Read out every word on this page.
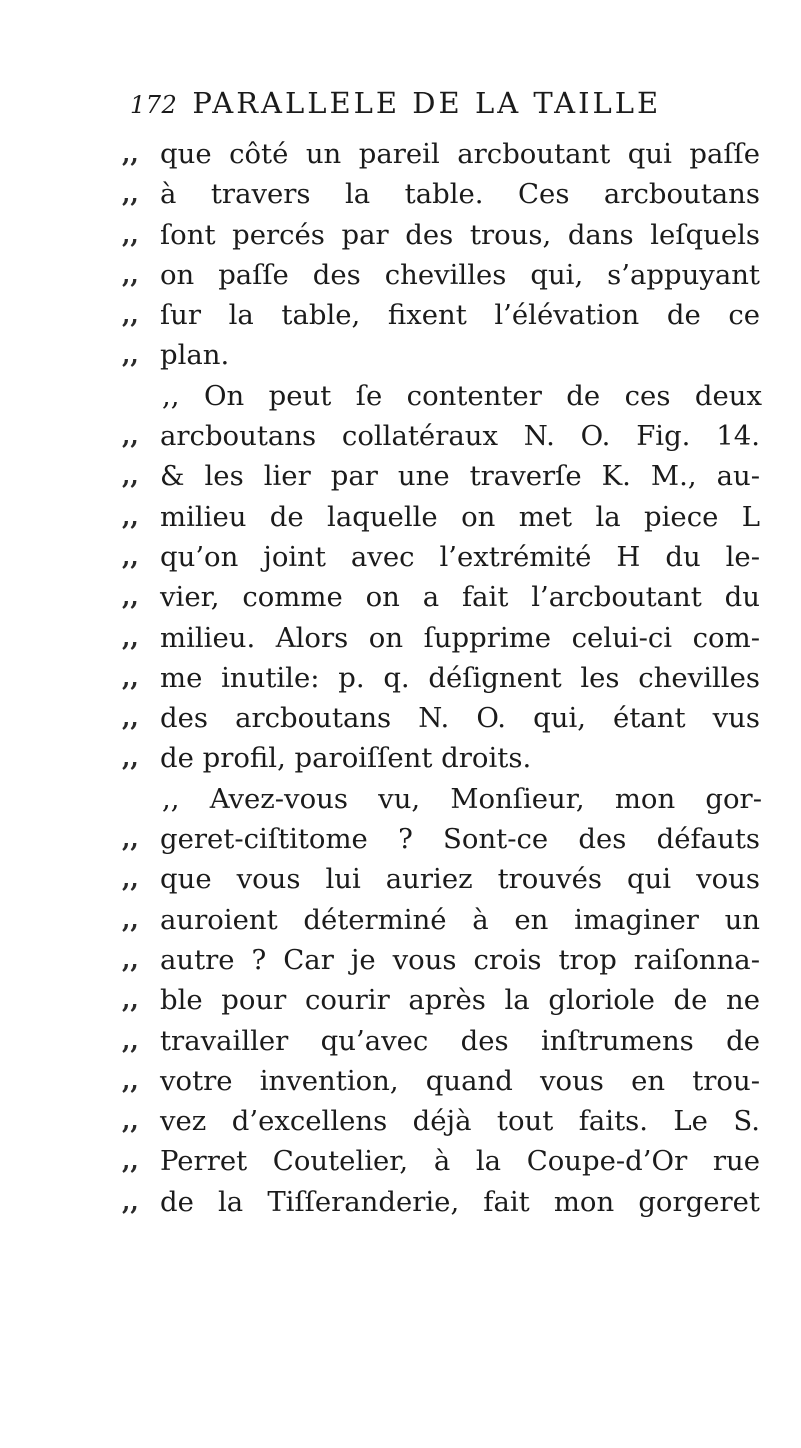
172 PARALLELE DE LA TAILLE
,, que côté un pareil arcboutant qui paſſe
,, à travers la table. Ces arcboutans
,, ſont percés par des trous, dans leſquels
,, on paſſe des chevilles qui, s’appuyant
,, ſur la table, fixent l’élévation de ce
,, plan.
,, On peut ſe contenter de ces deux
,, arcboutans collatéraux N. O. Fig. 14.
,, & les lier par une traverſe K. M., au-
,, milieu de laquelle on met la piece L
,, qu’on joint avec l’extrémité H du le-
,, vier, comme on a fait l’arcboutant du
,, milieu. Alors on ſupprime celui-ci com-
,, me inutile: p. q. déſignent les chevilles
,, des arcboutans N. O. qui, étant vus
,, de profil, paroiſſent droits.
,, Avez-vous vu, Monſieur, mon gor-
,, geret-ciſtitome ? Sont-ce des défauts
,, que vous lui auriez trouvés qui vous
,, auroient déterminé à en imaginer un
,, autre ? Car je vous crois trop raiſonna-
,, ble pour courir après la gloriole de ne
,, travailler qu’avec des inſtrumens de
,, votre invention, quand vous en trou-
,, vez d’excellens déjà tout faits. Le S.
,, Perret Coutelier, à la Coupe-d’Or rue
,, de la Tiſſeranderie, fait mon gorgeret
